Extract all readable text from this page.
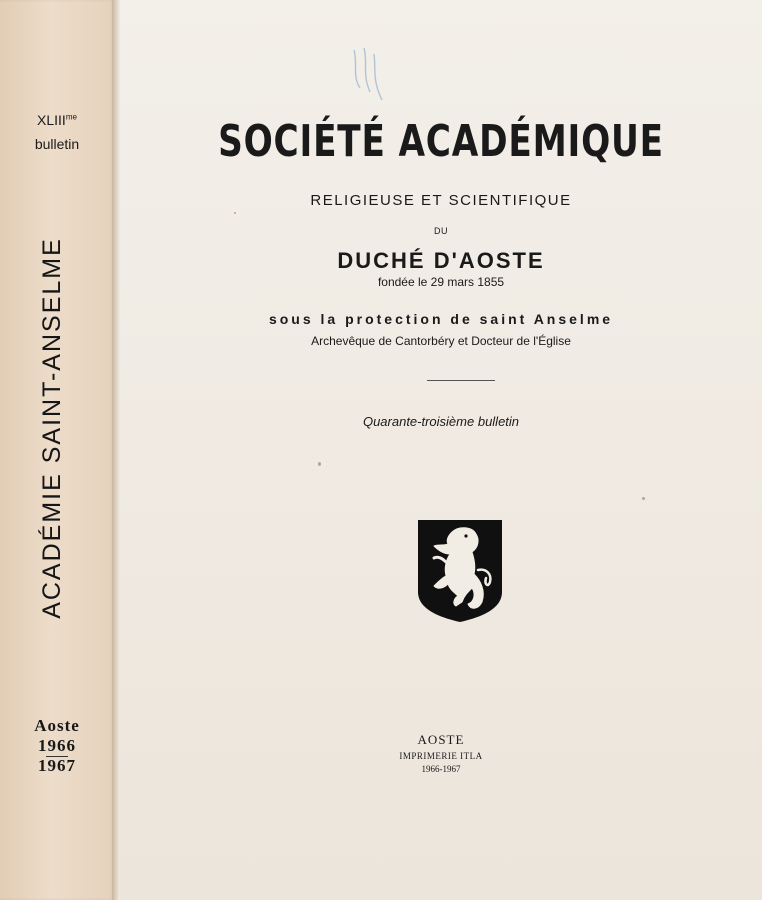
$XLIII^{me}$
bulletin
ACADÉMIE SAINT-ANSELME
Aoste
1966
1967
SOCIÉTÉ ACADÉMIQUE
RELIGIEUSE ET SCIENTIFIQUE
DU
DUCHÉ D'AOSTE
fondée le 29 mars 1855
sous la protection de saint Anselme
Archevêque de Cantorbéry et Docteur de l'Église
Quarante-troisième bulletin
AOSTE
IMPRIMERIE ITLA
1966-1967
